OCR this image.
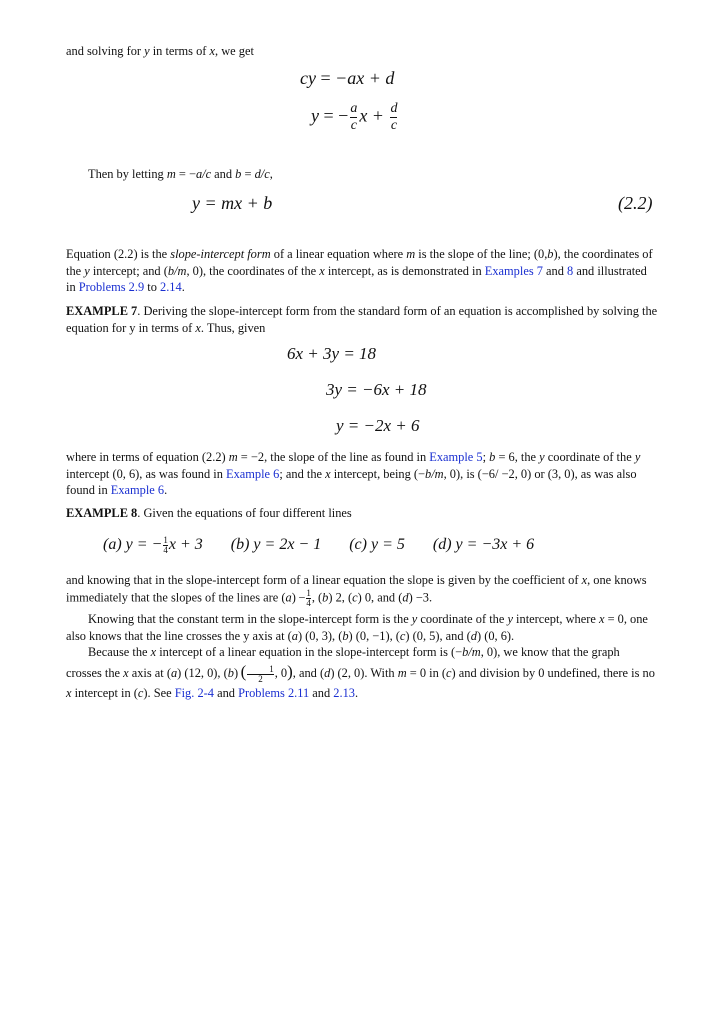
and solving for y in terms of x, we get

cy = −ax + d
y = − $\frac{a}{c}$ $x + \frac{d}{c}$

Then by letting m = −a/c and b = d/c,

y = mx + b	(2.2)

Equation (2.2) is the slope-intercept form of a linear equation where m is the slope of the line; (0,b), the coordinates of the y intercept; and (b/m, 0), the coordinates of the x intercept, as is demonstrated in Examples 7 and 8 and illustrated in Problems 2.9 to 2.14.

EXAMPLE 7. Deriving the slope-intercept form from the standard form of an equation is accomplished by solving the equation for y in terms of x. Thus, given

6x + 3y = 18
3y = −6x + 18
y = −2x + 6

where in terms of equation (2.2) m = −2, the slope of the line as found in Example 5; b = 6, the y coordinate of the y intercept (0, 6), as was found in Example 6; and the x intercept, being (−b/m, 0), is (−6/ −2, 0) or (3, 0), as was also found in Example 6.

EXAMPLE 8. Given the equations of four different lines

(a) $y = -\frac{1}{4}x + 3$ (b) y = 2x − 1 (c) y = 5 (d) y = −3x + 6

and knowing that in the slope-intercept form of a linear equation the slope is given by the coefficient of x, one knows immediately that the slopes of the lines are $(a) -\frac{1}{4}$, (b) 2, (c) 0, and (d) −3.

Knowing that the constant term in the slope-intercept form is the y coordinate of the y intercept, where x = 0, one also knows that the line crosses the y axis at (a) (0, 3), (b) (0, −1), (c) (0, 5), and (d) (0, 6).

Because the x intercept of a linear equation in the slope-intercept form is (−b/m, 0), we know that the graph crosses the x axis at (a) (12, 0), (b) (	1
2 , 0), and (d) (2, 0). With m = 0 in (c) and division by 0 undefined, there is no x intercept in (c). See Fig. 2-4 and Problems 2.11 and 2.13.
